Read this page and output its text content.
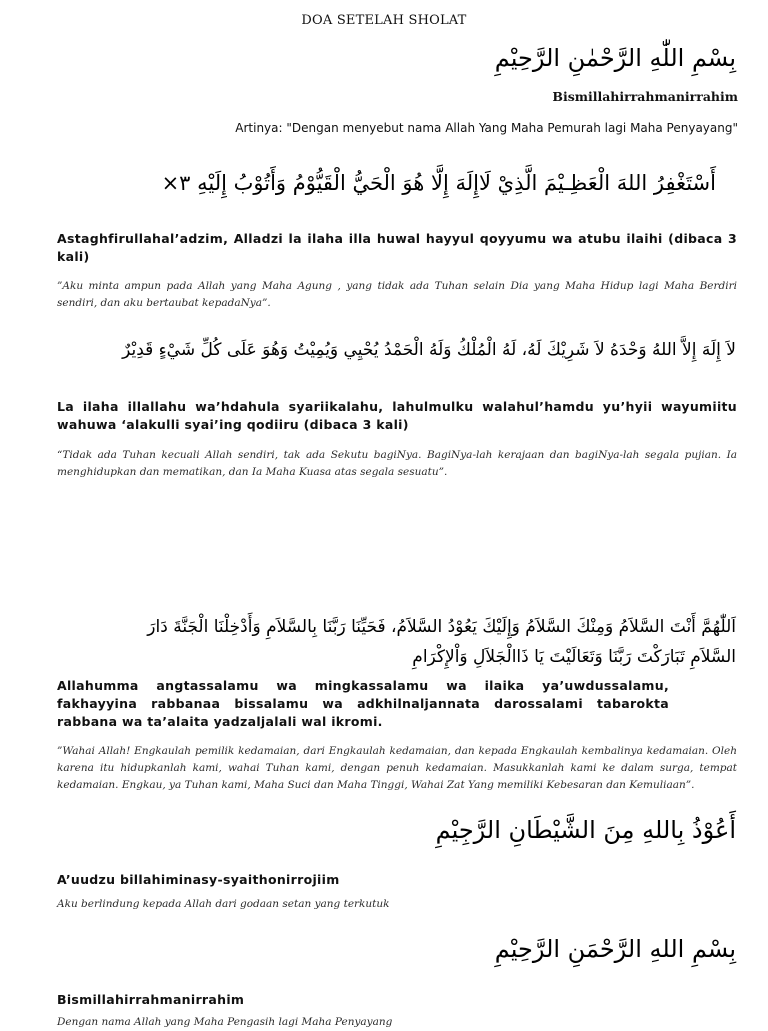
DOA SETELAH SHOLAT
بِسْمِ اللّٰهِ الرَّحْمٰنِ الرَّحِيْمِ
Bismillahirrahmanirrahim
Artinya: "Dengan menyebut nama Allah Yang Maha Pemurah lagi Maha Penyayang"
أَسْتَغْفِرُ اللهَ الْعَظِـيْمَ الَّذِيْ لَاإِلَهَ إِلَّا هُوَ الْحَيُّ الْقَيُّوْمُ وَأَتُوْبُ إِلَيْهِ ٣×
Astaghfirullahal’adzim, Alladzi la ilaha illa huwal hayyul qoyyumu wa atubu ilaihi (dibaca 3 kali)
”Aku minta ampun pada Allah yang Maha Agung , yang tidak ada Tuhan selain Dia yang Maha Hidup lagi Maha Berdiri sendiri, dan aku bertaubat kepadaNya”.
لاَ إِلَهَ إِلاَّ اللهُ وَحْدَهُ لاَ شَرِيْكَ لَهُ، لَهُ الْمُلْكُ وَلَهُ الْحَمْدُ يُحْيِي وَيُمِيْتُ وَهُوَ عَلَى كُلِّ شَيْءٍ قَدِيْرٌ
La ilaha illallahu wa’hdahula syariikalahu, lahulmulku walahul’hamdu yu’hyii wayumiitu wahuwa ‘alakulli syai’ing qodiiru (dibaca 3 kali)
“Tidak ada Tuhan kecuali Allah sendiri, tak ada Sekutu bagiNya. BagiNya-lah kerajaan dan bagiNya-lah segala pujian. Ia menghidupkan dan mematikan, dan Ia Maha Kuasa atas segala sesuatu”.
اَللّٰهُمَّ أَنْتَ السَّلاَمُ وَمِنْكَ السَّلاَمُ وَإِلَيْكَ يَعُوْدُ السَّلاَمُ، فَحَيِّنَا رَبَّنَا بِالسَّلاَمِ وَأَدْخِلْنَا الْجَنَّةَ دَارَ السَّلاَمِ تَبَارَكْتَ رَبَّنَا وَتَعَالَيْتَ يَا ذَاالْجَلاَلِ وَاْلإِكْرَامِ
Allahumma angtassalamu wa mingkassalamu wa ilaika ya’uwdussalamu, fakhayyina rabbanaa bissalamu wa adkhilnaljannata darossalami tabarokta rabbana wa ta’alaita yadzaljalali wal ikromi.
”Wahai Allah! Engkaulah pemilik kedamaian, dari Engkaulah kedamaian, dan kepada Engkaulah kembalinya kedamaian. Oleh karena itu hidupkanlah kami, wahai Tuhan kami, dengan penuh kedamaian. Masukkanlah kami ke dalam surga, tempat kedamaian. Engkau, ya Tuhan kami, Maha Suci dan Maha Tinggi, Wahai Zat Yang memiliki Kebesaran dan Kemuliaan”.
أَعُوْذُ بِاللهِ مِنَ الشَّيْطَانِ الرَّجِيْمِ
A’uudzu billahiminasy-syaithonirrojiim
Aku berlindung kepada Allah dari godaan setan yang terkutuk
بِسْمِ اللهِ الرَّحْمَنِ الرَّحِيْمِ
Bismillahirrahmanirrahim
Dengan nama Allah yang Maha Pengasih lagi Maha Penyayang
